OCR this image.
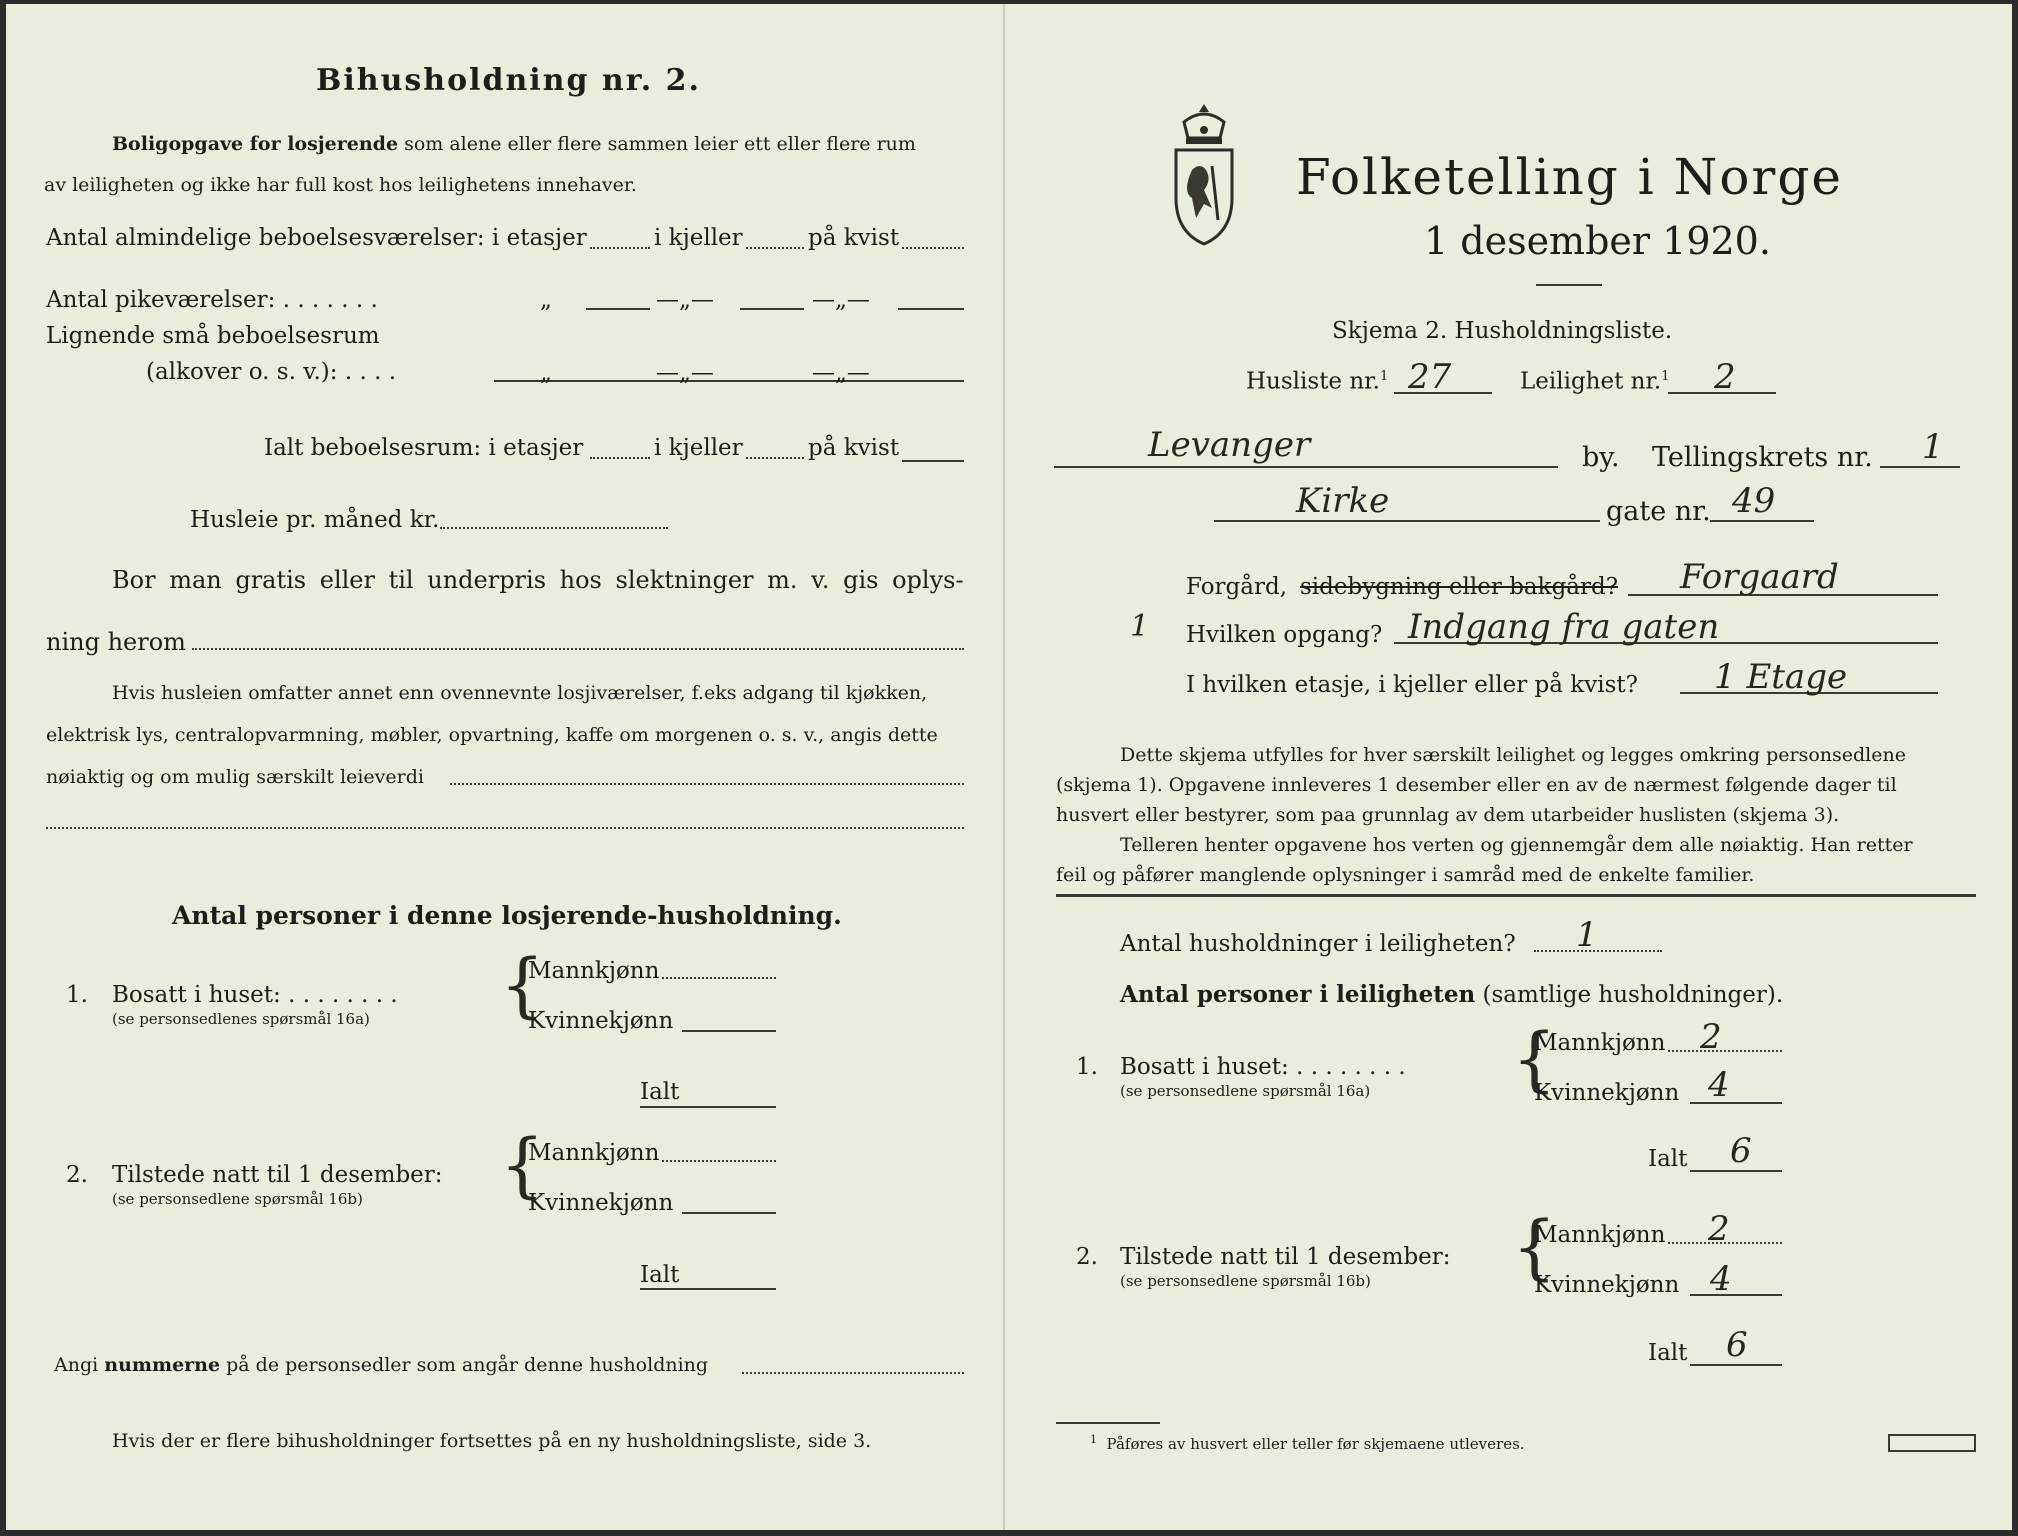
Bihusholdning nr. 2.
Boligopgave for losjerende som alene eller flere sammen leier ett eller flere rum
av leiligheten og ikke har full kost hos leilighetens innehaver.
Antal almindelige beboelsesværelser: i etasjer	i kjeller	på kvist
Antal pikeværelser: . . . . . . .	„	—„—	—„—
Lignende små beboelsesrum
(alkover o. s. v.): . . . .	„	—„—	—„—
Ialt beboelsesrum: i etasjer	i kjeller	på kvist
Husleie pr. måned kr.
Bor man gratis eller til underpris hos slektninger m. v. gis oplys-
ning herom
Hvis husleien omfatter annet enn ovennevnte losjiværelser, f.eks adgang til kjøkken,
elektrisk lys, centralopvarmning, møbler, opvartning, kaffe om morgenen o. s. v., angis dette
nøiaktig og om mulig særskilt leieverdi
Antal personer i denne losjerende-husholdning.
1. Bosatt i huset: . . . . . . . .
(se personsedlenes spørsmål 16a) {
Mannkjønn
Kvinnekjønn
Ialt
2. Tilstede natt til 1 desember:
(se personsedlene spørsmål 16b) {
Mannkjønn
Kvinnekjønn
Ialt
Angi nummerne på de personsedler som angår denne husholdning
Hvis der er flere bihusholdninger fortsettes på en ny husholdningsliste, side 3.
Folketelling i Norge
1 desember 1920.
Skjema 2. Husholdningsliste.
Husliste nr.$^1$ 27	Leilighet nr.$^1$ 2
Levanger	by. Tellingskrets nr. 1
Kirke	gate nr. 49
Forgård, sidebygning eller bakgård? Forgaard
1 Hvilken opgang? Indgang fra gaten
I hvilken etasje, i kjeller eller på kvist? 1 Etage
Dette skjema utfylles for hver særskilt leilighet og legges omkring personsedlene
(skjema 1). Opgavene innleveres 1 desember eller en av de nærmest følgende dager til
husvert eller bestyrer, som paa grunnlag av dem utarbeider huslisten (skjema 3).
Telleren henter opgavene hos verten og gjennemgår dem alle nøiaktig. Han retter
feil og påfører manglende oplysninger i samråd med de enkelte familier.
Antal husholdninger i leiligheten? 1
Antal personer i leiligheten (samtlige husholdninger).
1. Bosatt i huset: . . . . . . . .
(se personsedlene spørsmål 16a) {
Mannkjønn 2
Kvinnekjønn 4
Ialt 6
2. Tilstede natt til 1 desember:
(se personsedlene spørsmål 16b) {
Mannkjønn 2
Kvinnekjønn 4
Ialt 6
$^1$ Påføres av husvert eller teller før skjemaene utleveres.
